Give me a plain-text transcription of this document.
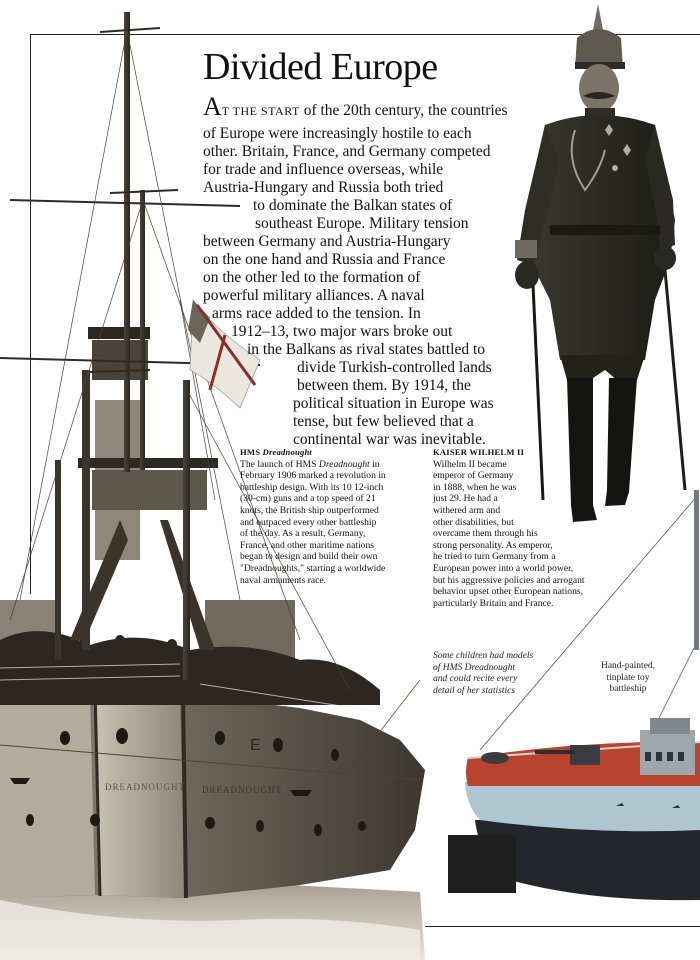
DREADNOUGHT DREADNOUGHT
E
Divided Europe
AT THE START of the 20th century, the countries
of Europe were increasingly hostile to each
other. Britain, France, and Germany competed
for trade and influence overseas, while
Austria-Hungary and Russia both tried
to dominate the Balkan states of
southeast Europe. Military tension
between Germany and Austria-Hungary
on the one hand and Russia and France
on the other led to the formation of
powerful military alliances. A naval
arms race added to the tension. In
1912–13, two major wars broke out
in the Balkans as rival states battled to
divide Turkish-controlled lands
between them. By 1914, the
political situation in Europe was
tense, but few believed that a
continental war was inevitable.
HMS Dreadnought
The launch of HMS Dreadnought in
February 1906 marked a revolution in
battleship design. With its 10 12-inch
(30-cm) guns and a top speed of 21
knots, the British ship outperformed
and outpaced every other battleship
of the day. As a result, Germany,
France, and other maritime nations
began to design and build their own
"Dreadnoughts," starting a worldwide
naval armaments race.
KAISER WILHELM II
Wilhelm II became
emperor of Germany
in 1888, when he was
just 29. He had a
withered arm and
other disabilities, but
overcame them through his
strong personality. As emperor,
he tried to turn Germany from a
European power into a world power,
but his aggressive policies and arrogant
behavior upset other European nations,
particularly Britain and France.
Some children had models
of HMS Dreadnought
and could recite every
detail of her statistics
Hand-painted,
tinplate toy
battleship
